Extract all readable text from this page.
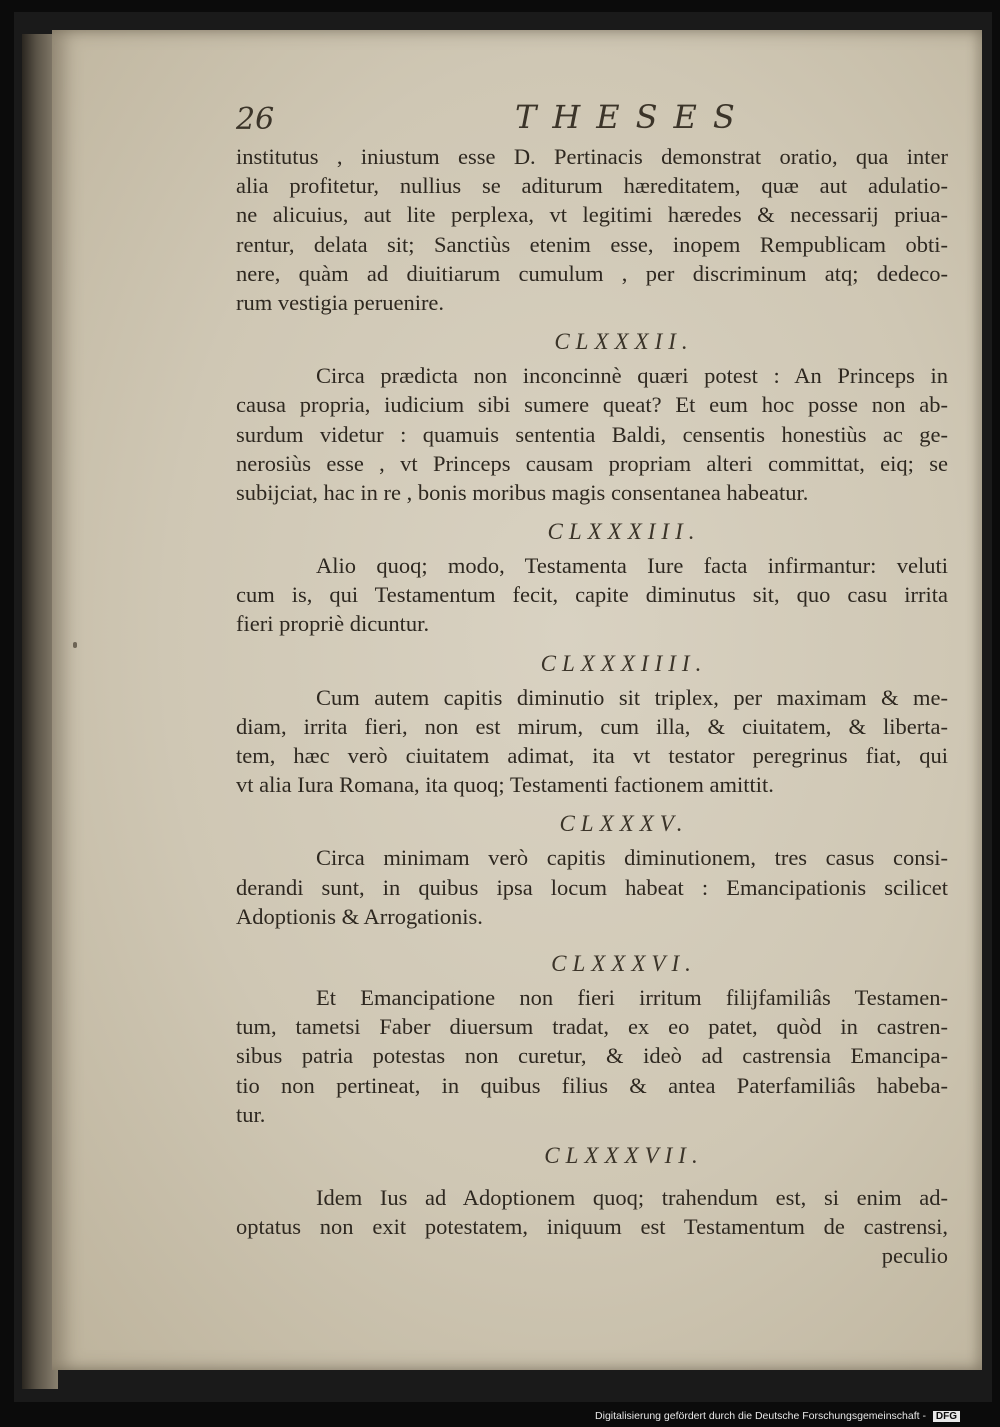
26	THESES
institutus , iniustum esse D. Pertinacis demonstrat oratio, qua inter
alia profitetur, nullius se aditurum hæreditatem, quæ aut adulatio-
ne alicuius, aut lite perplexa, vt legitimi hæredes & necessarij priua-
rentur, delata sit; Sanctiùs etenim esse, inopem Rempublicam obti-
nere, quàm ad diuitiarum cumulum , per discriminum atq; dedeco-
rum vestigia peruenire.
CLXXXII.
Circa prædicta non inconcinnè quæri potest : An Princeps in
causa propria, iudicium sibi sumere queat? Et eum hoc posse non ab-
surdum videtur : quamuis sententia Baldi, censentis honestiùs ac ge-
nerosiùs esse , vt Princeps causam propriam alteri committat, eiq; se
subijciat, hac in re , bonis moribus magis consentanea habeatur.
CLXXXIII.
Alio quoq; modo, Testamenta Iure facta infirmantur: veluti
cum is, qui Testamentum fecit, capite diminutus sit, quo casu irrita
fieri propriè dicuntur.
CLXXXIIII.
Cum autem capitis diminutio sit triplex, per maximam & me-
diam, irrita fieri, non est mirum, cum illa, & ciuitatem, & liberta-
tem, hæc verò ciuitatem adimat, ita vt testator peregrinus fiat, qui
vt alia Iura Romana, ita quoq; Testamenti factionem amittit.
CLXXXV.
Circa minimam verò capitis diminutionem, tres casus consi-
derandi sunt, in quibus ipsa locum habeat : Emancipationis scilicet
Adoptionis & Arrogationis.
CLXXXVI.
Et Emancipatione non fieri irritum filijfamiliâs Testamen-
tum, tametsi Faber diuersum tradat, ex eo patet, quòd in castren-
sibus patria potestas non curetur, & ideò ad castrensia Emancipa-
tio non pertineat, in quibus filius & antea Paterfamiliâs habeba-
tur.
CLXXXVII.
Idem Ius ad Adoptionem quoq; trahendum est, si enim ad-
optatus non exit potestatem, iniquum est Testamentum de castrensi,
peculio
Digitalisierung gefördert durch die Deutsche Forschungsgemeinschaft - DFG
